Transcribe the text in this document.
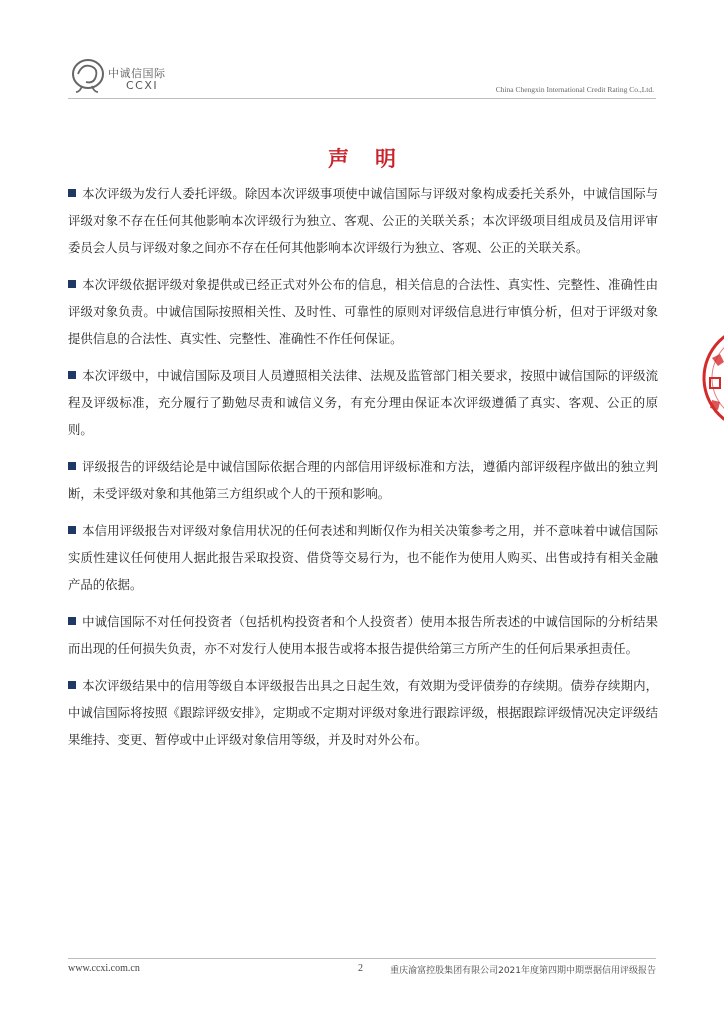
中诚信国际
CCXI	China Chengxin International Credit Rating Co.,Ltd.
声明

本次评级为发行人委托评级。除因本次评级事项使中诚信国际与评级对象构成委托关系外，中诚信国际与评级对象不存在任何其他影响本次评级行为独立、客观、公正的关联关系；本次评级项目组成员及信用评审委员会人员与评级对象之间亦不存在任何其他影响本次评级行为独立、客观、公正的关联关系。

本次评级依据评级对象提供或已经正式对外公布的信息，相关信息的合法性、真实性、完整性、准确性由评级对象负责。中诚信国际按照相关性、及时性、可靠性的原则对评级信息进行审慎分析，但对于评级对象提供信息的合法性、真实性、完整性、准确性不作任何保证。

本次评级中，中诚信国际及项目人员遵照相关法律、法规及监管部门相关要求，按照中诚信国际的评级流程及评级标准，充分履行了勤勉尽责和诚信义务，有充分理由保证本次评级遵循了真实、客观、公正的原则。

评级报告的评级结论是中诚信国际依据合理的内部信用评级标准和方法，遵循内部评级程序做出的独立判断，未受评级对象和其他第三方组织或个人的干预和影响。

本信用评级报告对评级对象信用状况的任何表述和判断仅作为相关决策参考之用，并不意味着中诚信国际实质性建议任何使用人据此报告采取投资、借贷等交易行为，也不能作为使用人购买、出售或持有相关金融产品的依据。

中诚信国际不对任何投资者（包括机构投资者和个人投资者）使用本报告所表述的中诚信国际的分析结果而出现的任何损失负责，亦不对发行人使用本报告或将本报告提供给第三方所产生的任何后果承担责任。

本次评级结果中的信用等级自本评级报告出具之日起生效，有效期为受评债券的存续期。债券存续期内，中诚信国际将按照《跟踪评级安排》，定期或不定期对评级对象进行跟踪评级，根据跟踪评级情况决定评级结果维持、变更、暂停或中止评级对象信用等级，并及时对外公布。

www.ccxi.com.cn	2	重庆渝富控股集团有限公司2021年度第四期中期票据信用评级报告
